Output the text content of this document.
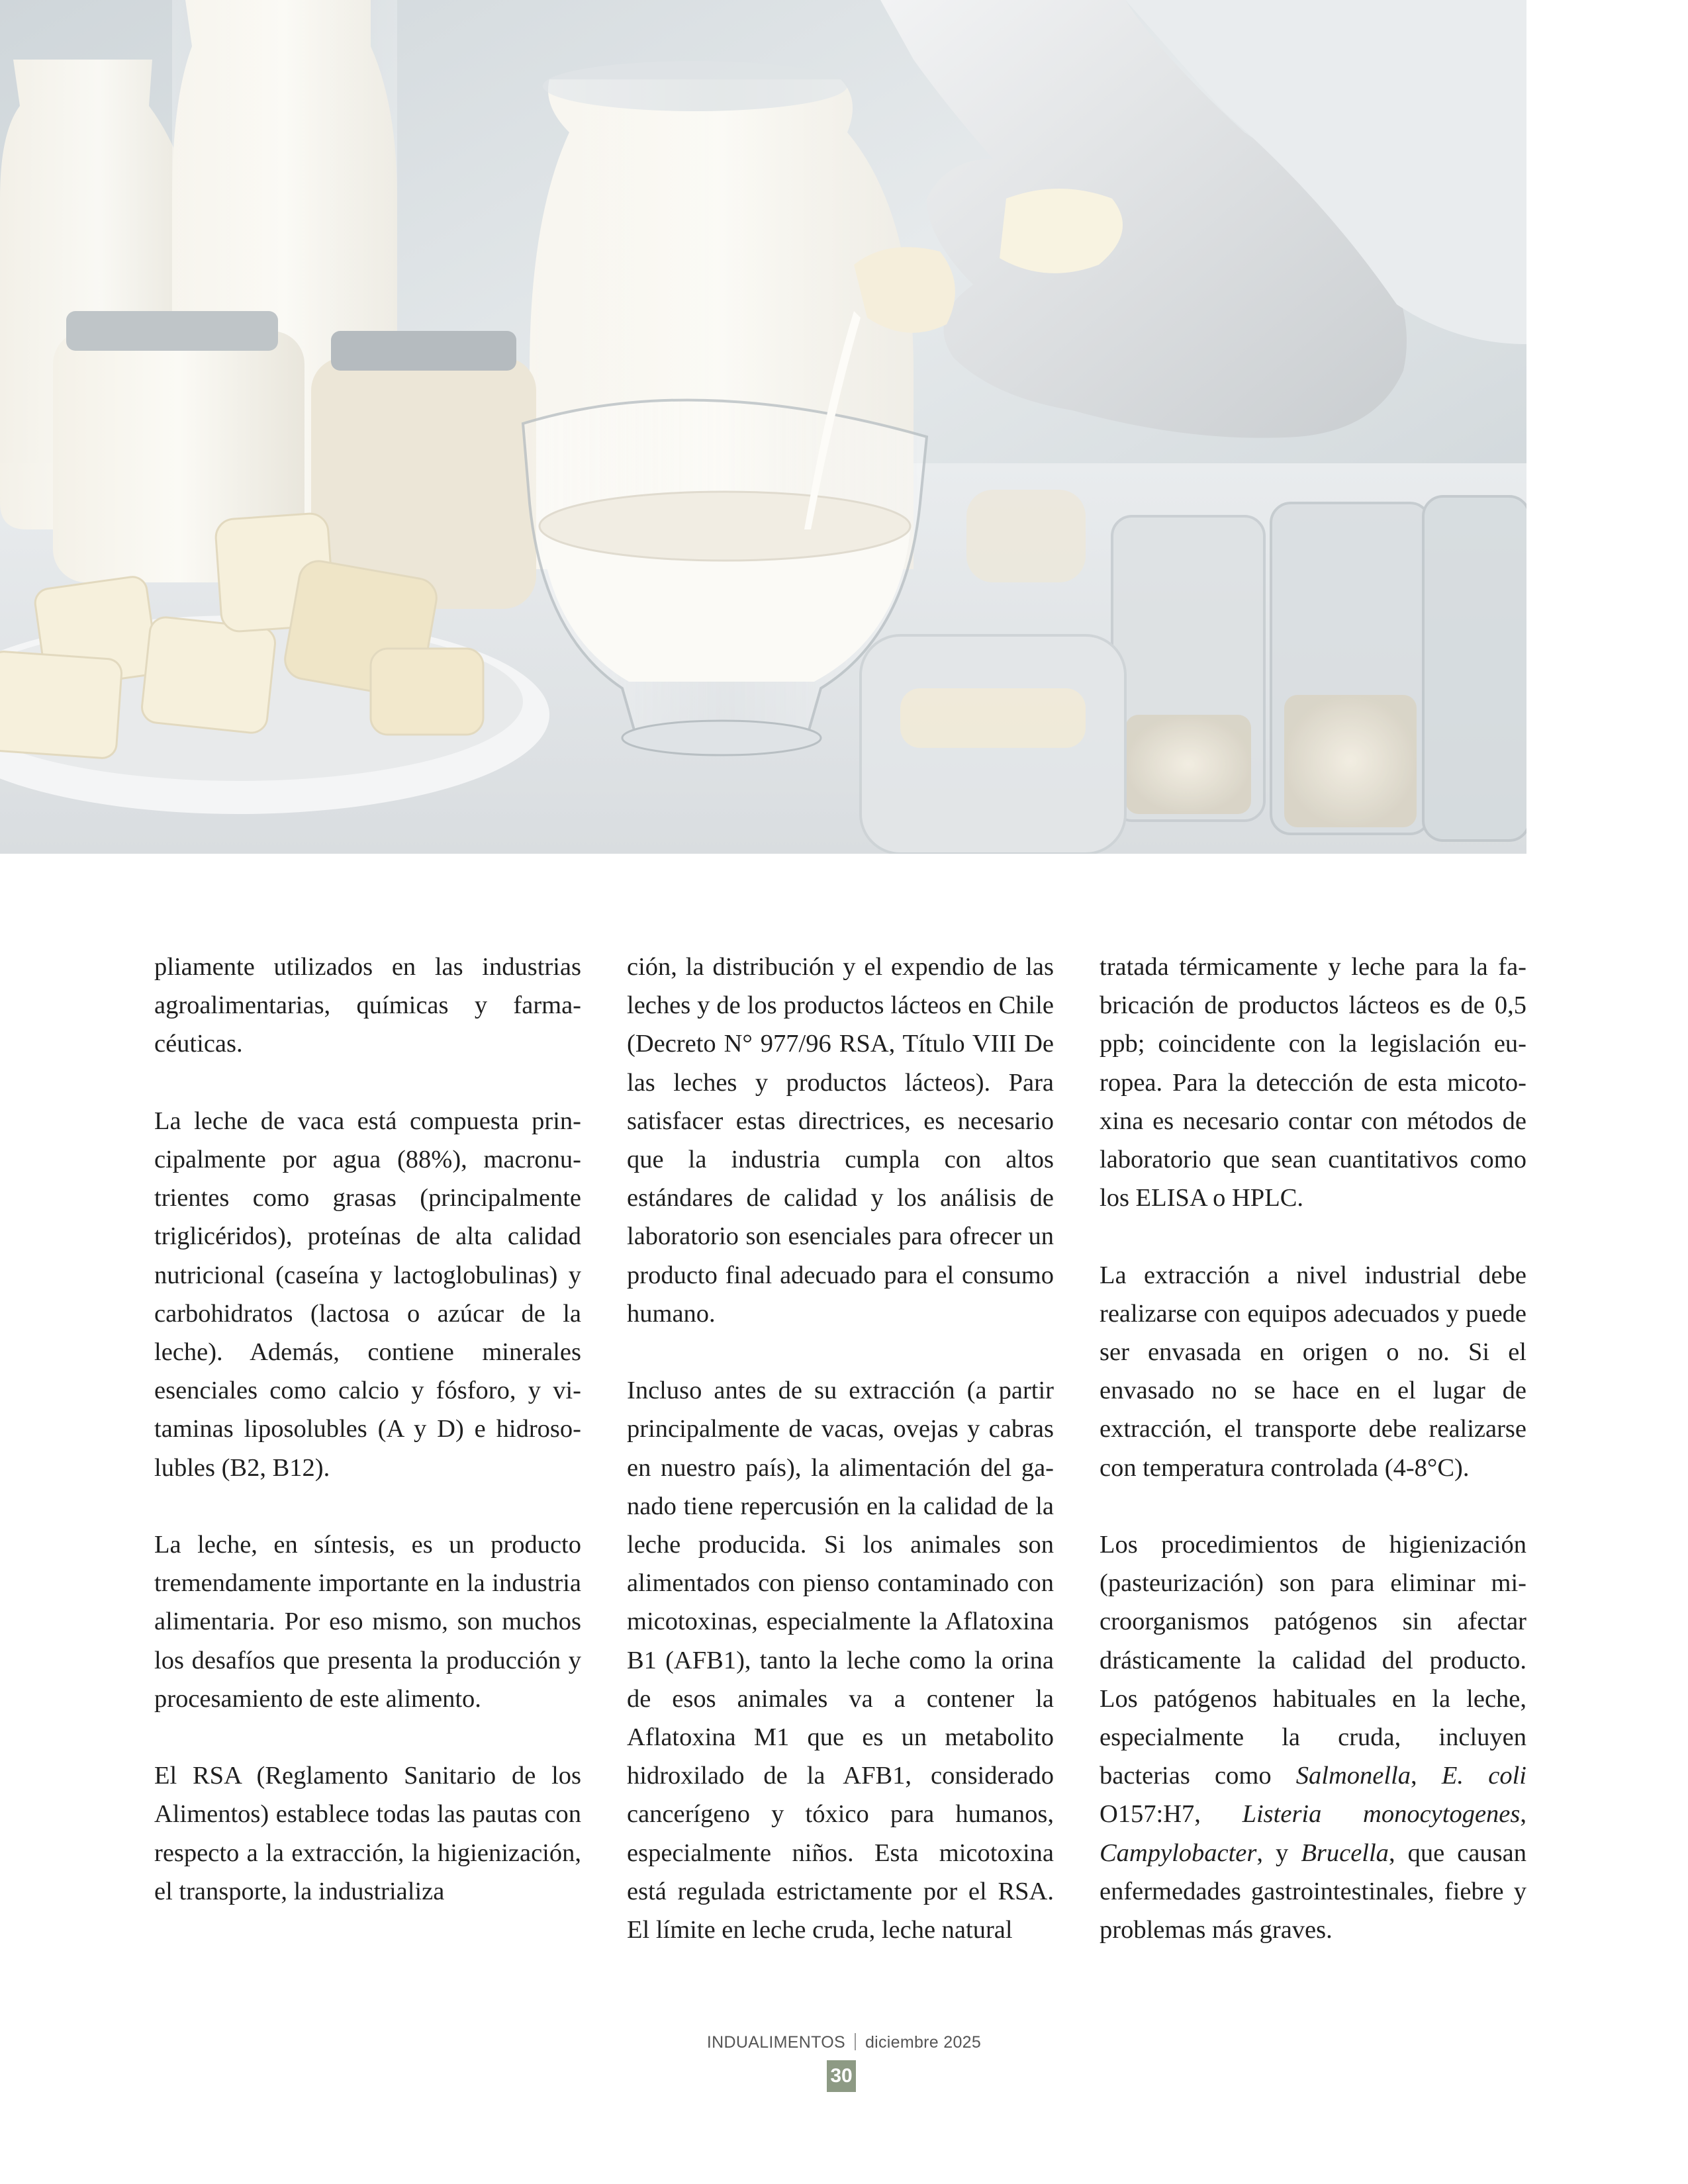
pliamente utilizados en las industrias agroalimentarias, químicas y farmacéuticas.

La leche de vaca está compuesta principalmente por agua (88%), macronutrientes como grasas (principalmente triglicéridos), proteínas de alta calidad nutricional (caseína y lactoglobulinas) y carbohidratos (lactosa o azúcar de la leche). Además, contiene minerales esenciales como calcio y fósforo, y vitaminas liposolubles (A y D) e hidrosolubles (B2, B12).

La leche, en síntesis, es un producto tremendamente importante en la industria alimentaria. Por eso mismo, son muchos los desafíos que presenta la producción y procesamiento de este alimento.

El RSA (Reglamento Sanitario de los Alimentos) establece todas las pautas con respecto a la extracción, la higienización, el transporte, la industrializa

ción, la distribución y el expendio de las leches y de los productos lácteos en Chile (Decreto N° 977/96 RSA, Título VIII De las leches y productos lácteos). Para satisfacer estas directrices, es necesario que la industria cumpla con altos estándares de calidad y los análisis de laboratorio son esenciales para ofrecer un producto final adecuado para el consumo humano.

Incluso antes de su extracción (a partir principalmente de vacas, ovejas y cabras en nuestro país), la alimentación del ganado tiene repercusión en la calidad de la leche producida. Si los animales son alimentados con pienso contaminado con micotoxinas, especialmente la Aflatoxina B1 (AFB1), tanto la leche como la orina de esos animales va a contener la Aflatoxina M1 que es un metabolito hidroxilado de la AFB1, considerado cancerígeno y tóxico para humanos, especialmente niños. Esta micotoxina está regulada estrictamente por el RSA. El límite en leche cruda, leche natural

tratada térmicamente y leche para la fabricación de productos lácteos es de 0,5 ppb; coincidente con la legislación europea. Para la detección de esta micotoxina es necesario contar con métodos de laboratorio que sean cuantitativos como los ELISA o HPLC.

La extracción a nivel industrial debe realizarse con equipos adecuados y puede ser envasada en origen o no. Si el envasado no se hace en el lugar de extracción, el transporte debe realizarse con temperatura controlada (4-8°C).

Los procedimientos de higienización (pasteurización) son para eliminar microorganismos patógenos sin afectar drásticamente la calidad del producto. Los patógenos habituales en la leche, especialmente la cruda, incluyen bacterias como Salmonella, E. coli O157:H7, Listeria monocytogenes, Campylobacter, y Brucella, que causan enfermedades gastrointestinales, fiebre y problemas más graves.

INDUALIMENTOS diciembre 2025
30
